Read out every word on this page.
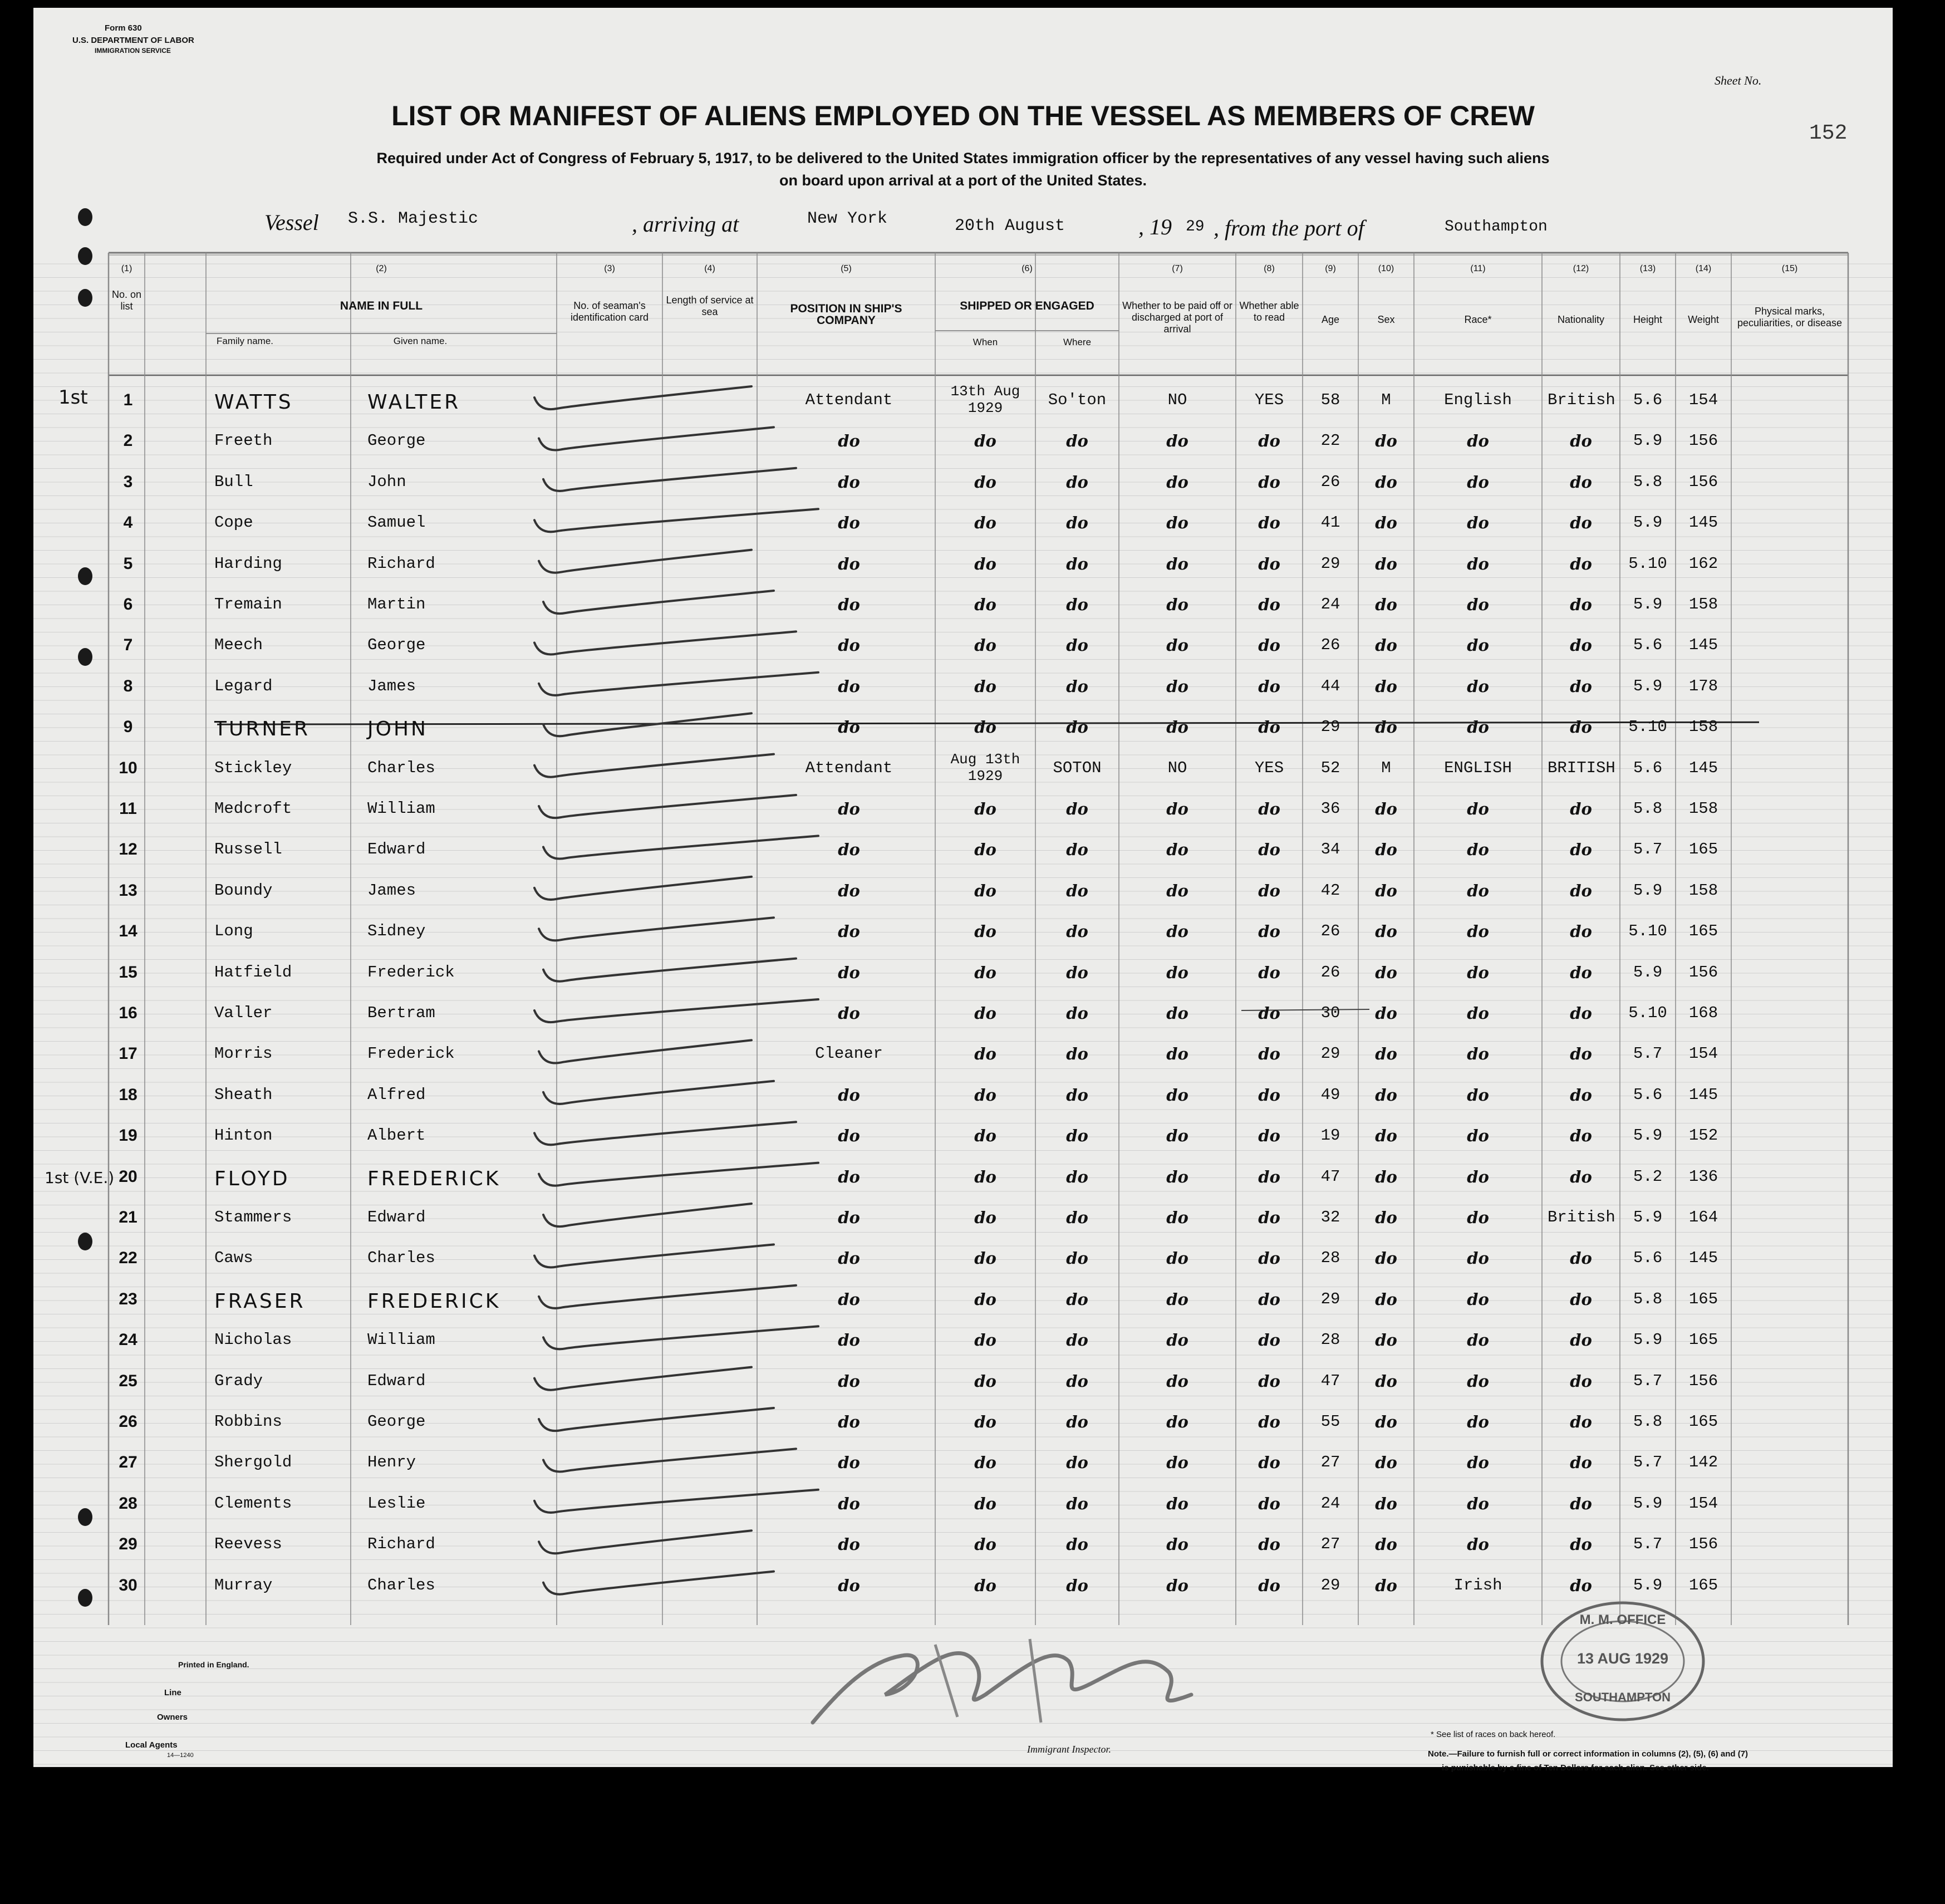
Form 630
U.S. DEPARTMENT OF LABOR
IMMIGRATION SERVICE
Sheet No.
152
LIST OR MANIFEST OF ALIENS EMPLOYED ON THE VESSEL AS MEMBERS OF CREW
Required under Act of Congress of February 5, 1917, to be delivered to the United States immigration officer by the representatives of any vessel having such aliens
on board upon arrival at a port of the United States.
Vessel S.S. Majestic	, arriving at	New York	20th August	, 19 29 , from the port of	Southampton
(1)
No. on list
(2)
NAME IN FULL
(3)
No. of seaman's identification card
(4)
Length of service at sea
(5)
POSITION IN SHIP'S COMPANY
(6)
SHIPPED OR ENGAGED
(7)
Whether to be paid off or discharged at port of arrival
(8)
Whether able to read
(9)
Age
(10)
Sex
(11)
Race*
(12)
Nationality
(13)
Height
(14)
Weight
(15)
Physical marks, peculiarities, or disease
Family name.	Given name.	When	Where
1	WATTS	WALTER	Attendant	13th Aug 1929	So'ton	NO	YES	58	M	English	British	5.6	154
2	Freeth	George	do	do	do	do	do	22	do	do	do	5.9	156
3	Bull	John	do	do	do	do	do	26	do	do	do	5.8	156
4	Cope	Samuel	do	do	do	do	do	41	do	do	do	5.9	145
5	Harding	Richard	do	do	do	do	do	29	do	do	do	5.10	162
6	Tremain	Martin	do	do	do	do	do	24	do	do	do	5.9	158
7	Meech	George	do	do	do	do	do	26	do	do	do	5.6	145
8	Legard	James	do	do	do	do	do	44	do	do	do	5.9	178
9	TURNER	JOHN	do	do	do	do	do	29	do	do	do	5.10	158
10	Stickley	Charles	Attendant	Aug 13th 1929	SOTON	NO	YES	52	M	ENGLISH	BRITISH	5.6	145
11	Medcroft	William	do	do	do	do	do	36	do	do	do	5.8	158
12	Russell	Edward	do	do	do	do	do	34	do	do	do	5.7	165
13	Boundy	James	do	do	do	do	do	42	do	do	do	5.9	158
14	Long	Sidney	do	do	do	do	do	26	do	do	do	5.10	165
15	Hatfield	Frederick	do	do	do	do	do	26	do	do	do	5.9	156
16	Valler	Bertram	do	do	do	do	do	30	do	do	do	5.10	168
17	Morris	Frederick	Cleaner	do	do	do	do	29	do	do	do	5.7	154
18	Sheath	Alfred	do	do	do	do	do	49	do	do	do	5.6	145
19	Hinton	Albert	do	do	do	do	do	19	do	do	do	5.9	152
20	FLOYD	FREDERICK	do	do	do	do	do	47	do	do	do	5.2	136
21	Stammers	Edward	do	do	do	do	do	32	do	do	British	5.9	164
22	Caws	Charles	do	do	do	do	do	28	do	do	do	5.6	145
23	FRASER	FREDERICK	do	do	do	do	do	29	do	do	do	5.8	165
24	Nicholas	William	do	do	do	do	do	28	do	do	do	5.9	165
25	Grady	Edward	do	do	do	do	do	47	do	do	do	5.7	156
26	Robbins	George	do	do	do	do	do	55	do	do	do	5.8	165
27	Shergold	Henry	do	do	do	do	do	27	do	do	do	5.7	142
28	Clements	Leslie	do	do	do	do	do	24	do	do	do	5.9	154
29	Reevess	Richard	do	do	do	do	do	27	do	do	do	5.7	156
30	Murray	Charles	do	do	do	do	do	29	do	Irish	do	5.9	165
1st
1st (V.E.)
Printed in England.
Line
Owners
Local Agents
14—1240
Immigrant Inspector.
* See list of races on back hereof.
Note.—Failure to furnish full or correct information in columns (2), (5), (6) and (7)
is punishable by a fine of Ten Dollars for each alien. See other side.
M. M. OFFICE
13 AUG 1929
SOUTHAMPTON
